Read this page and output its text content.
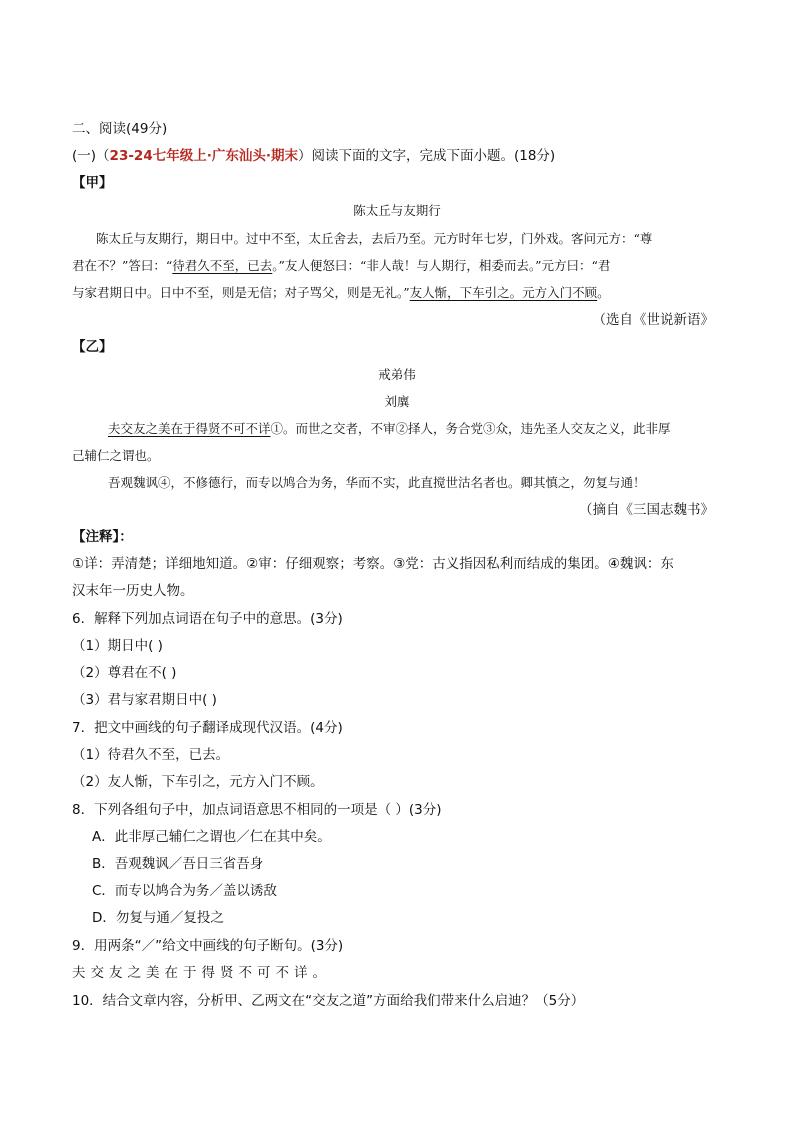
二、阅读(49分)
(一)（23-24七年级上·广东汕头·期末）阅读下面的文字，完成下面小题。(18分)
【甲】
陈太丘与友期行
陈太丘与友期行，期日中。过中不至，太丘舍去，去后乃至。元方时年七岁，门外戏。客问元方：“尊
君在不？”答曰：“待君久不至，已去。”友人便怒曰：“非人哉！与人期行，相委而去。”元方曰：“君
与家君期日中。日中不至，则是无信；对子骂父，则是无礼。”友人惭，下车引之。元方入门不顾。
（选自《世说新语》
【乙】
戒弟伟
刘廙
夫交友之美在于得贤不可不详①。而世之交者，不审②择人，务合党③众，违先圣人交友之义，此非厚
己辅仁之谓也。
吾观魏讽④，不修德行，而专以鸠合为务，华而不实，此直搅世沽名者也。卿其慎之，勿复与通！
（摘自《三国志魏书》
【注释】：
①详：弄清楚；详细地知道。②审：仔细观察；考察。③党：古义指因私利而结成的集团。④魏讽：东
汉末年一历史人物。
6．解释下列加点词语在句子中的意思。(3分)
（1）期日中( )
（2）尊君在不( )
（3）君与家君期日中( )
7．把文中画线的句子翻译成现代汉语。(4分)
（1）待君久不至，已去。
（2）友人惭，下车引之，元方入门不顾。
8．下列各组句子中，加点词语意思不相同的一项是（ ）(3分)
A．此非厚己辅仁之谓也／仁在其中矣。
B．吾观魏讽／吾日三省吾身
C．而专以鸠合为务／盖以诱敌
D．勿复与通／复投之
9．用两条“／”给文中画线的句子断句。(3分)
夫交友之美在于得贤不可不详。
10．结合文章内容，分析甲、乙两文在“交友之道”方面给我们带来什么启迪？（5分）
